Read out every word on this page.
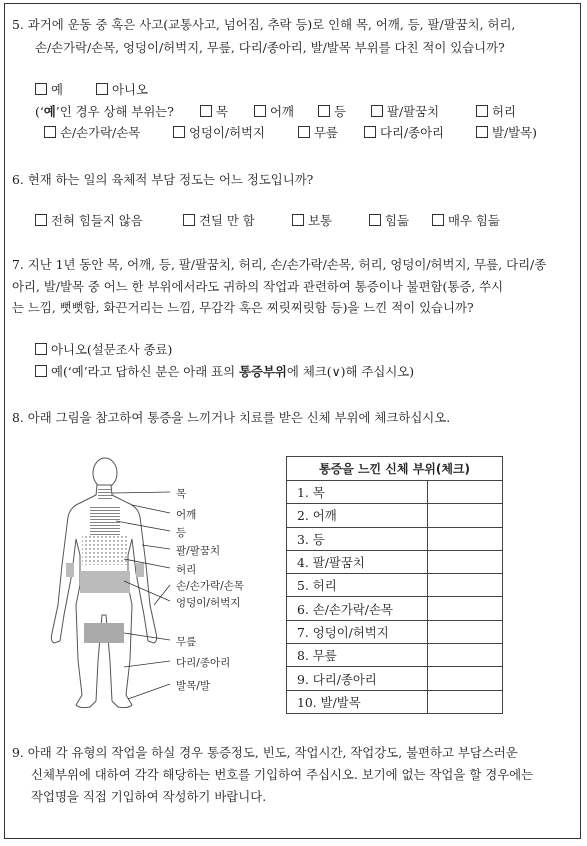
5. 과거에 운동 중 혹은 사고(교통사고, 넘어짐, 추락 등)로 인해 목, 어깨, 등, 팔/팔꿈치, 허리,
손/손가락/손목, 엉덩이/허벅지, 무릎, 다리/종아리, 발/발목 부위를 다친 적이 있습니까?
예	아니오
(‘예’인 경우 상해 부위는?	목	어깨	등	팔/팔꿈치	허리
손/손가락/손목	엉덩이/허벅지	무릎	다리/종아리	발/발목)
6. 현재 하는 일의 육체적 부담 정도는 어느 정도입니까?
전혀 힘들지 않음	견딜 만 함	보통	힘듦	매우 힘듦
7. 지난 1년 동안 목, 어깨, 등, 팔/팔꿈치, 허리, 손/손가락/손목, 허리, 엉덩이/허벅지, 무릎, 다리/종
아리, 발/발목 중 어느 한 부위에서라도 귀하의 작업과 관련하여 통증이나 불편함(통증, 쑤시
는 느낌, 뻣뻣함, 화끈거리는 느낌, 무감각 혹은 찌릿찌릿함 등)을 느낀 적이 있습니까?
아니오(설문조사 종료)
예(‘예’라고 답하신 분은 아래 표의 통증부위에 체크(∨)해 주십시오)
8. 아래 그림을 참고하여 통증을 느끼거나 치료를 받은 신체 부위에 체크하십시오.
목
어깨
등
팔/팔꿈치
허리
손/손가락/손목
엉덩이/허벅지
무릎
다리/종아리
발목/발
통증을 느낀 신체 부위(체크)	
1. 목	
2. 어깨	
3. 등	
4. 팔/팔꿈치	
5. 허리	
6. 손/손가락/손목	
7. 엉덩이/허벅지	
8. 무릎	
9. 다리/종아리	
10. 발/발목	
9. 아래 각 유형의 작업을 하실 경우 통증정도, 빈도, 작업시간, 작업강도, 불편하고 부담스러운
신체부위에 대하여 각각 해당하는 번호를 기입하여 주십시오. 보기에 없는 작업을 할 경우에는
작업명을 직접 기입하여 작성하기 바랍니다.
